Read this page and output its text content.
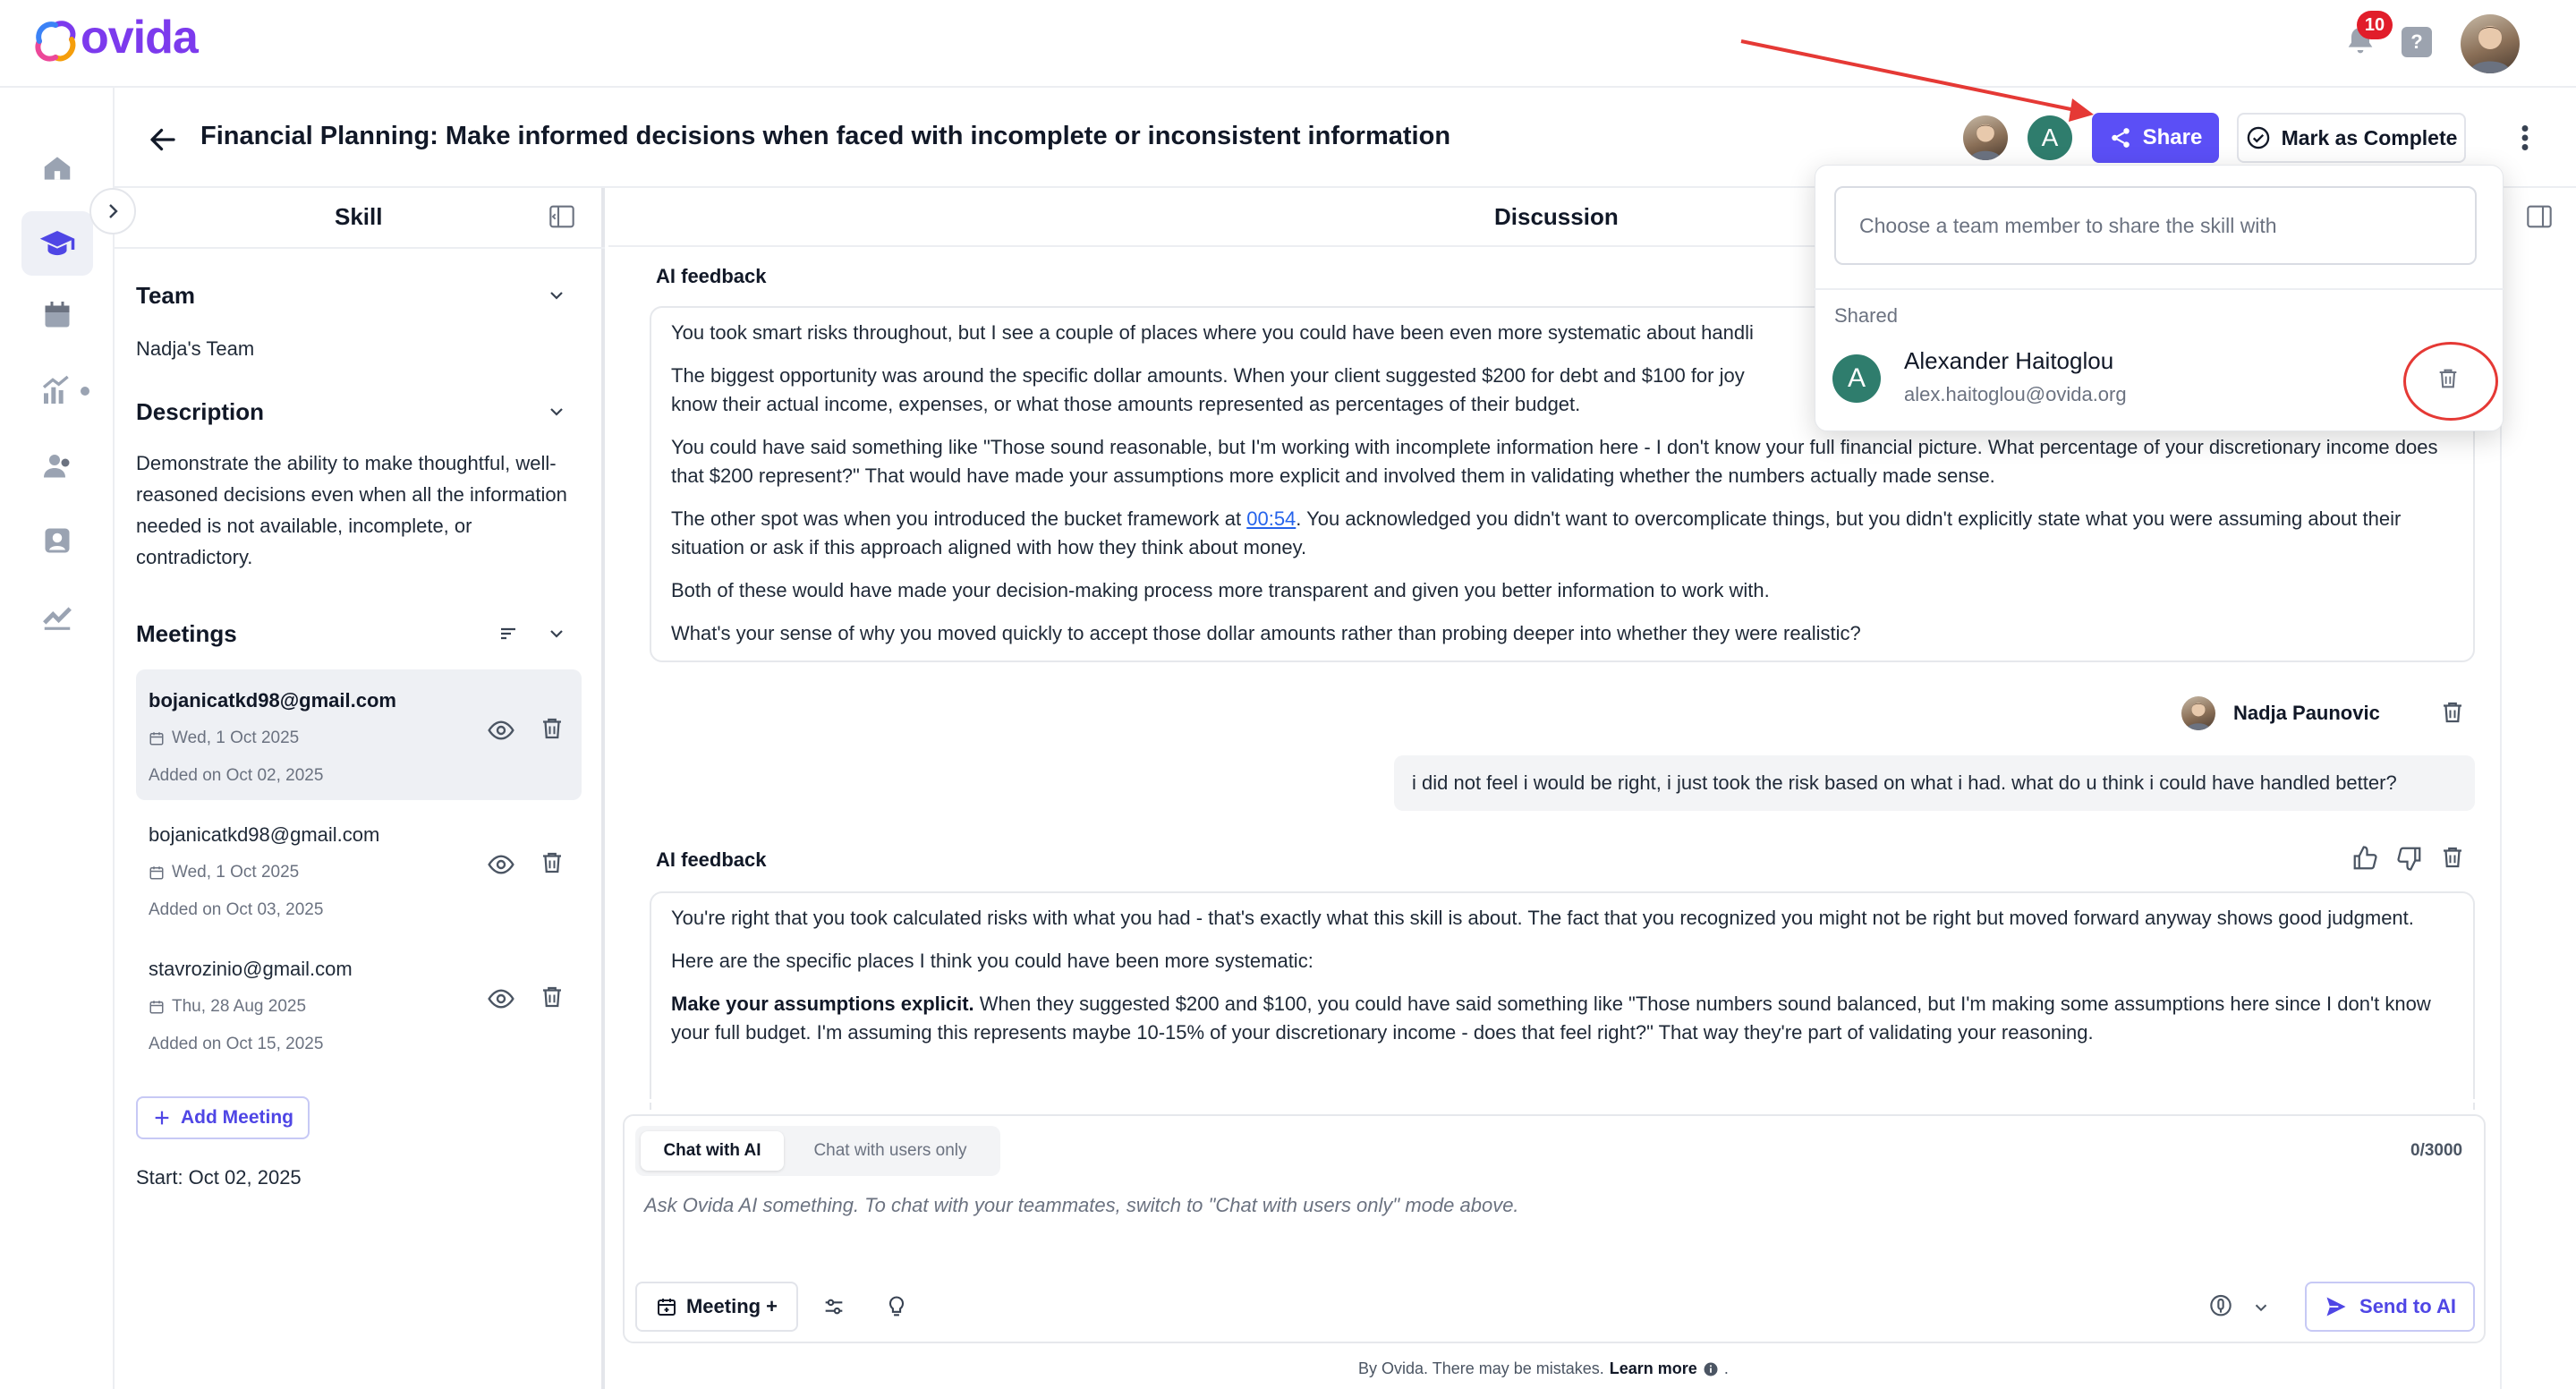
ovida	10
?
Financial Planning: Make informed decisions when faced with incomplete or inconsistent information	A	Share	Mark as Complete
Skill
Team
Nadja's Team
Description
Demonstrate the ability to make thoughtful, well-reasoned decisions even when all the information needed is not available, incomplete, or contradictory.
Meetings
bojanicatkd98@gmail.com
Wed, 1 Oct 2025
Added on Oct 02, 2025
bojanicatkd98@gmail.com
Wed, 1 Oct 2025
Added on Oct 03, 2025
stavrozinio@gmail.com
Thu, 28 Aug 2025
Added on Oct 15, 2025
Add Meeting
Start: Oct 02, 2025
Discussion
AI feedback

You took smart risks throughout, but I see a couple of places where you could have been even more systematic about handli

The biggest opportunity was around the specific dollar amounts. When your client suggested $200 for debt and $100 for joy

know their actual income, expenses, or what those amounts represented as percentages of their budget.

You could have said something like "Those sound reasonable, but I'm working with incomplete information here - I don't know your full financial picture. What percentage of your discretionary income does that $200 represent?" That would have made your assumptions more explicit and involved them in validating whether the numbers actually made sense.

The other spot was when you introduced the bucket framework at 00:54. You acknowledged you didn't want to overcomplicate things, but you didn't explicitly state what you were assuming about their situation or ask if this approach aligned with how they think about money.

Both of these would have made your decision-making process more transparent and given you better information to work with.

What's your sense of why you moved quickly to accept those dollar amounts rather than probing deeper into whether they were realistic?

Nadja Paunovic
i did not feel i would be right, i just took the risk based on what i had. what do u think i could have handled better?
AI feedback

You're right that you took calculated risks with what you had - that's exactly what this skill is about. The fact that you recognized you might not be right but moved forward anyway shows good judgment.

Here are the specific places I think you could have been more systematic:

Make your assumptions explicit. When they suggested $200 and $100, you could have said something like "Those numbers sound balanced, but I'm making some assumptions here since I don't know your full budget. I'm assuming this represents maybe 10-15% of your discretionary income - does that feel right?" That way they're part of validating your reasoning.

Chat with AI	Chat with users only	0/3000
Ask Ovida AI something. To chat with your teammates, switch to "Chat with users only" mode above.
Meeting +	Send to AI
By Ovida. There may be mistakes. Learn more .
Choose a team member to share the skill with
Shared
A
Alexander Haitoglou
alex.haitoglou@ovida.org
